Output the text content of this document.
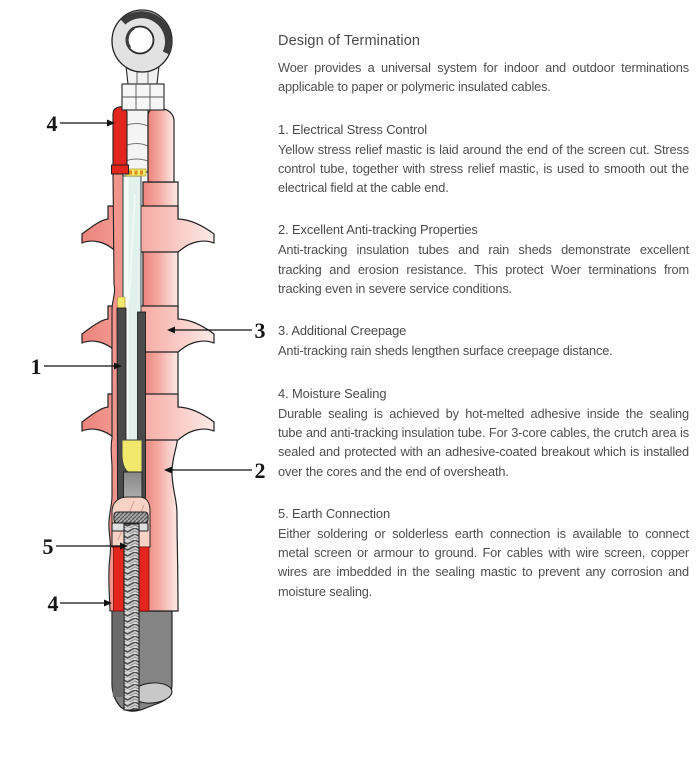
4
3
1
2
5
4
Design of Termination

Woer provides a universal system for indoor and outdoor terminations applicable to paper or polymeric insulated cables.

1. Electrical Stress Control

Yellow stress relief mastic is laid around the end of the screen cut. Stress control tube, together with stress relief mastic, is used to smooth out the electrical field at the cable end.

2. Excellent Anti-tracking Properties

Anti-tracking insulation tubes and rain sheds demonstrate excellent tracking and erosion resistance. This protect Woer terminations from tracking even in severe service conditions.

3. Additional Creepage

Anti-tracking rain sheds lengthen surface creepage distance.

4. Moisture Sealing

Durable sealing is achieved by hot-melted adhesive inside the sealing tube and anti-tracking insulation tube. For 3-core cables, the crutch area is sealed and protected with an adhesive-coated breakout which is installed over the cores and the end of oversheath.

5. Earth Connection

Either soldering or solderless earth connection is available to connect metal screen or armour to ground. For cables with wire screen, copper wires are imbedded in the sealing mastic to prevent any corrosion and moisture sealing.
